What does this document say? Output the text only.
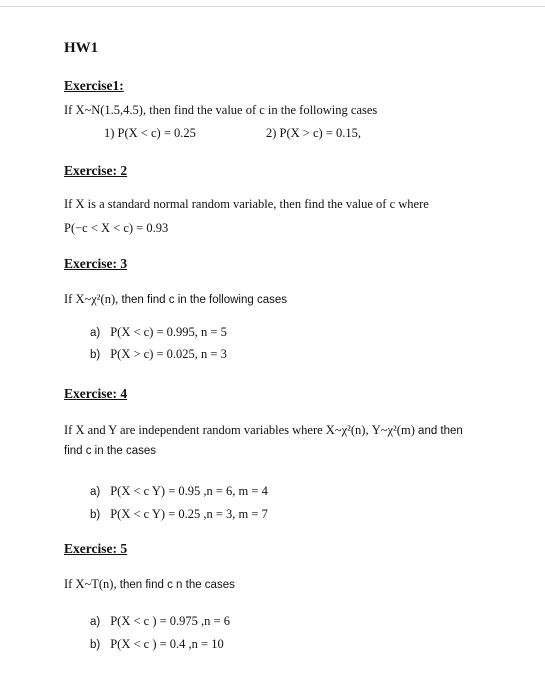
HW1
Exercise1:
If X~N(1.5,4.5), then find the value of c in the following cases
1) P(X < c) = 0.25	2) P(X > c) = 0.15,
Exercise: 2
If X is a standard normal random variable, then find the value of c where
P(−c < X < c) = 0.93
Exercise: 3
If X~χ²(n), then find c in the following cases
a) P(X < c) = 0.995, n = 5
b) P(X > c) = 0.025, n = 3
Exercise: 4
If X and Y are independent random variables where X~χ²(n), Y~χ²(m) and then
find c in the cases
a) P(X < c Y) = 0.95 ,n = 6, m = 4
b) P(X < c Y) = 0.25 ,n = 3, m = 7
Exercise: 5
If X~T(n), then find c n the cases
a) P(X < c ) = 0.975 ,n = 6
b) P(X < c ) = 0.4 ,n = 10
